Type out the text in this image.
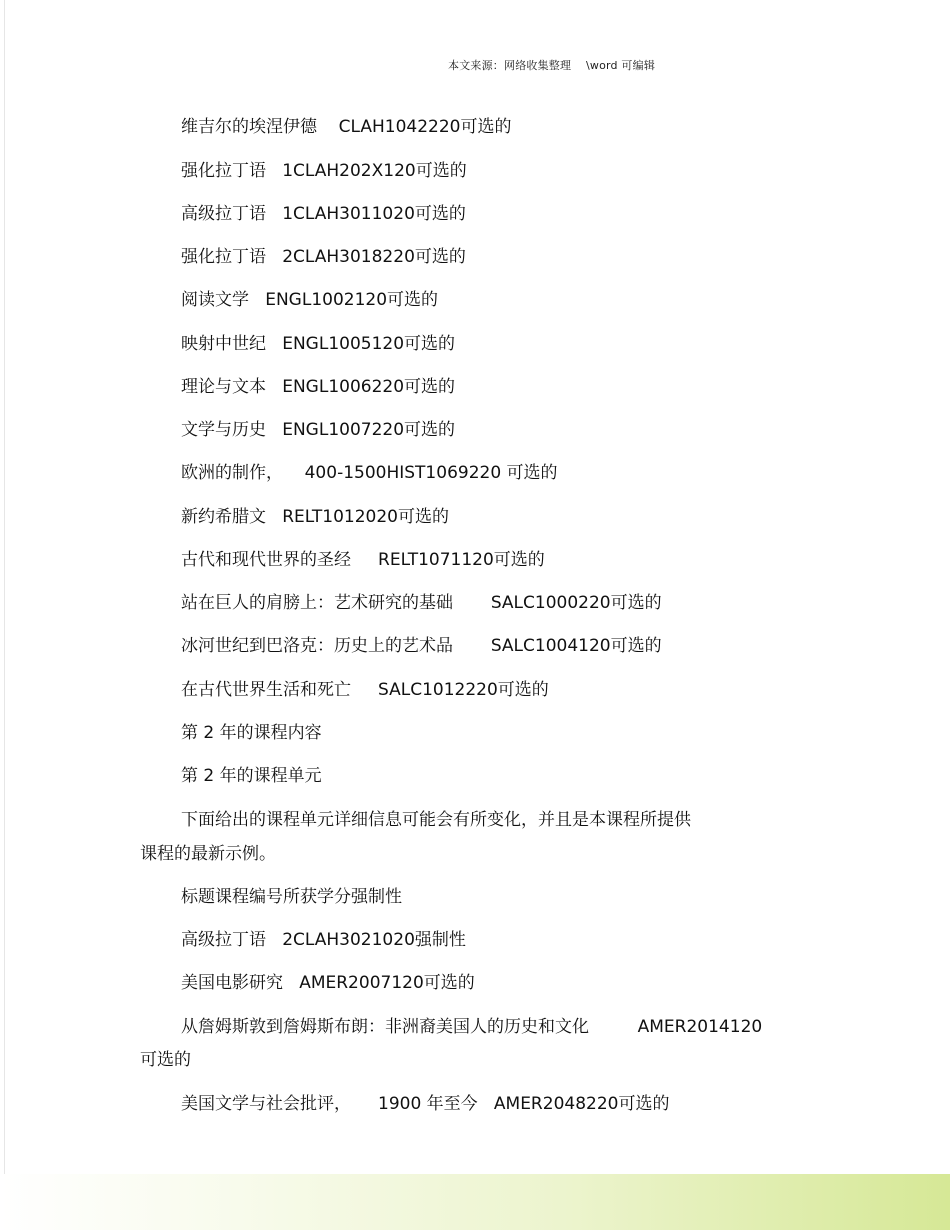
本文来源：网络收集整理    \word 可编辑
维吉尔的埃涅伊德    CLAH1042220可选的
强化拉丁语   1CLAH202X120可选的
高级拉丁语   1CLAH3011020可选的
强化拉丁语   2CLAH3018220可选的
阅读文学   ENGL1002120可选的
映射中世纪   ENGL1005120可选的
理论与文本   ENGL1006220可选的
文学与历史   ENGL1007220可选的
欧洲的制作，    400-1500HIST1069220 可选的
新约希腊文   RELT1012020可选的
古代和现代世界的圣经     RELT1071120可选的
站在巨人的肩膀上：艺术研究的基础       SALC1000220可选的
冰河世纪到巴洛克：历史上的艺术品       SALC1004120可选的
在古代世界生活和死亡     SALC1012220可选的
第 2 年的课程内容
第 2 年的课程单元
下面给出的课程单元详细信息可能会有所变化，并且是本课程所提供
课程的最新示例。
标题课程编号所获学分强制性
高级拉丁语   2CLAH3021020强制性
美国电影研究   AMER2007120可选的
从詹姆斯敦到詹姆斯布朗：非洲裔美国人的历史和文化         AMER2014120
可选的
美国文学与社会批评，     1900 年至今   AMER2048220可选的
